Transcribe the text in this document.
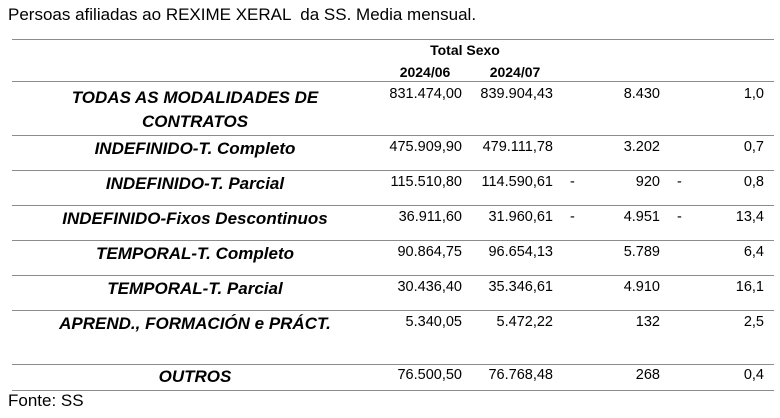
Persoas afiliadas ao REXIME XERAL  da SS. Media mensual.
Total Sexo
2024/06	2024/07
TODAS AS MODALIDADES DE CONTRATOS
831.474,00	839.904,43	8.430	1,0
INDEFINIDO-T. Completo	475.909,90	479.111,78	3.202	0,7
INDEFINIDO-T. Parcial	115.510,80	114.590,61 -	920 -	0,8
INDEFINIDO-Fixos Descontinuos	36.911,60	31.960,61 -	4.951 -	13,4
TEMPORAL-T. Completo	90.864,75	96.654,13	5.789	6,4
TEMPORAL-T. Parcial	30.436,40	35.346,61	4.910	16,1
APREND., FORMACIÓN e PRÁCT.	5.340,05	5.472,22	132	2,5
OUTROS	76.500,50	76.768,48	268	0,4
Fonte: SS
